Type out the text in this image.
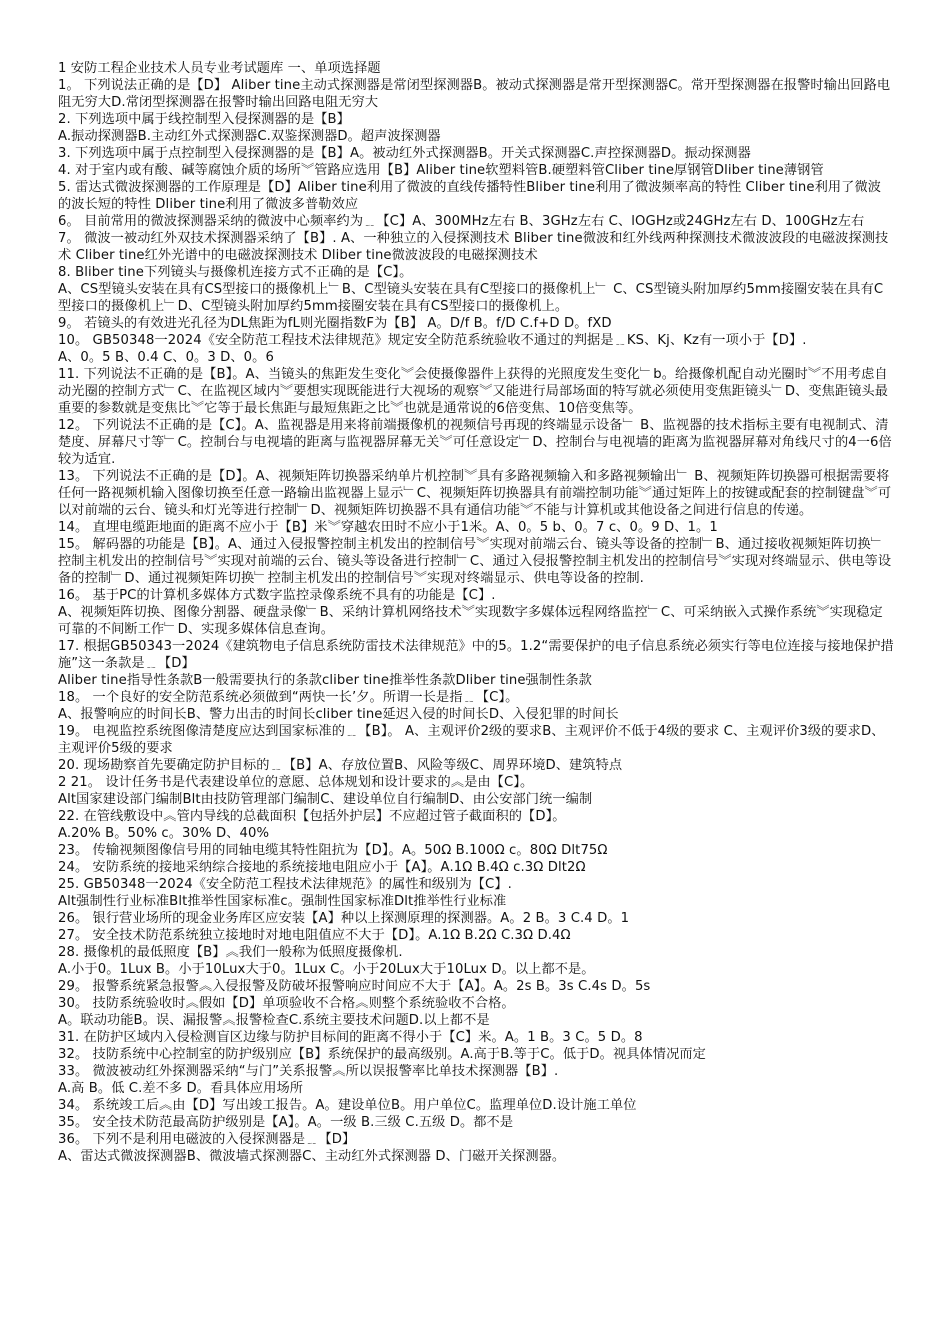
1 安防工程企业技术人员专业考试题库 一、单项选择题
1。 下列说法正确的是【D】 Aliber tine主动式探测器是常闭型探测器B。被动式探测器是常开型探测器C。常开型探测器在报警时输出回路电阻无穷大D.常闭型探测器在报警时输出回路电阻无穷大
2. 下列选项中属于线控制型入侵探测器的是【B】
A.振动探测器B.主动红外式探测器C.双鉴探测器D。超声波探测器
3. 下列选项中属于点控制型入侵探测器的是【B】A。被动红外式探测器B。开关式探测器C.声控探测器D。振动探测器
4. 对于室内或有酸、碱等腐蚀介质的场所︾管路应选用【B】Aliber tine软塑料管B.硬塑料管Cliber tine厚钢管Dliber tine薄钢管
5. 雷达式微波探测器的工作原理是【D】Aliber tine利用了微波的直线传播特性Bliber tine利用了微波频率高的特性 Cliber tine利用了微波的波长短的特性 Dliber tine利用了微波多普勒效应
6。 目前常用的微波探测器采纳的微波中心频率约为﹎【C】A、300MHz左右 B、3GHz左右 C、lOGHz或24GHz左右 D、100GHz左右
7。 微波一被动红外双技术探测器采纳了【B】. A、一种独立的入侵探测技术 Bliber tine微波和红外线两种探测技术微波波段的电磁波探测技术 Cliber tine红外光谱中的电磁波探测技术 Dliber tine微波波段的电磁探测技术
8. Bliber tine下列镜头与摄像机连接方式不正确的是【C】。
A、CS型镜头安装在具有CS型接口的摄像机上﹂B、C型镜头安装在具有C型接口的摄像机上﹂ C、CS型镜头附加厚约5mm接圈安装在具有C型接口的摄像机上﹂D、C型镜头附加厚约5mm接圈安装在具有CS型接口的摄像机上。
9。 若镜头的有效进光孔径为DL焦距为fL则光圈指数F为【B】 A。D/f B。f/D C.f+D D。fXD
10。 GB50348一2024《安全防范工程技术法律规范》规定安全防范系统验收不通过的判据是﹎KS、Kj、Kz有一项小于【D】.
A、0。5 B、0.4 C、0。3 D、0。6
11. 下列说法不正确的是【B】。A、当镜头的焦距发生变化︾会使摄像器件上获得的光照度发生变化﹂b。给摄像机配自动光圈时︾不用考虑自动光圈的控制方式﹂C、在监视区域内︾要想实现既能进行大视场的观察︾又能进行局部场面的特写就必须使用变焦距镜头﹂D、变焦距镜头最重要的参数就是变焦比︾它等于最长焦距与最短焦距之比︾也就是通常说的6倍变焦、10倍变焦等。
12。 下列说法不正确的是【C】。A、监视器是用来将前端摄像机的视频信号再现的终端显示设备﹂ B、监视器的技术指标主要有电视制式、清楚度、屏幕尺寸等﹂C。控制台与电视墙的距离与监视器屏幕无关︾可任意设定﹂D、控制台与电视墙的距离为监视器屏幕对角线尺寸的4一6倍较为适宜.
13。 下列说法不正确的是【D】。A、视频矩阵切换器采纳单片机控制︾具有多路视频输入和多路视频输出﹂ B、视频矩阵切换器可根据需要将任何一路视频机输入图像切换至任意一路输出监视器上显示﹂C、视频矩阵切换器具有前端控制功能︾通过矩阵上的按键或配套的控制键盘︾可以对前端的云台、镜头和灯光等进行控制﹂D、视频矩阵切换器不具有通信功能︾不能与计算机或其他设备之间进行信息的传递。
14。 直埋电缆距地面的距离不应小于【B】米︾穿越农田时不应小于1米。A、0。5 b、0。7 c、0。9 D、1。1
15。 解码器的功能是【B】。A、通过入侵报警控制主机发出的控制信号︾实现对前端云台、镜头等设备的控制﹂B、通过接收视频矩阵切换﹂控制主机发出的控制信号︾实现对前端的云台、镜头等设备进行控制﹂C、通过入侵报警控制主机发出的控制信号︾实现对终端显示、供电等设备的控制﹂D、通过视频矩阵切换﹂控制主机发出的控制信号︾实现对终端显示、供电等设备的控制.
16。 基于PC的计算机多媒体方式数字监控录像系统不具有的功能是【C】.
A、视频矩阵切换、图像分割器、硬盘录像﹂B、采纳计算机网络技术︾实现数字多媒体远程网络监控﹂C、可采纳嵌入式操作系统︾实现稳定可靠的不间断工作﹂D、实现多媒体信息查询。
17. 根据GB50343一2024《建筑物电子信息系统防雷技术法律规范》中的5。1.2“需要保护的电子信息系统必须实行等电位连接与接地保护措施”这一条款是﹎【D】
Aliber tine指导性条款B一般需要执行的条款cliber tine推举性条款Dliber tine强制性条款
18。 一个良好的安全防范系统必须做到“两快一长’夕。所谓一长是指﹎【C】。
A、报警响应的时间长B、警力出击的时间长cliber tine延迟入侵的时间长D、入侵犯罪的时间长
19。 电视监控系统图像清楚度应达到国家标准的﹎【B】。 A、主观评价2级的要求B、主观评价不低于4级的要求 C、主观评价3级的要求D、主观评价5级的要求
20. 现场勘察首先要确定防护目标的﹎【B】A、存放位置B、风险等级C、周界环境D、建筑特点
2 21。 设计任务书是代表建设单位的意愿、总体规划和设计要求的︽是由【C】。
Alt国家建设部门编制Blt由技防管理部门编制C、建设单位自行编制D、由公安部门统一编制
22. 在管线敷设中︽管内导线的总截面积【包括外护层】不应超过管子截面积的【D】。
A.20% B。50% c。30% D、40%
23。 传输视频图像信号用的同轴电缆其特性阻抗为【D】。A。50Ω B.100Ω c。80Ω Dlt75Ω
24。 安防系统的接地采纳综合接地的系统接地电阻应小于【A】。A.1Ω B.4Ω c.3Ω Dlt2Ω
25. GB50348一2024《安全防范工程技术法律规范》的属性和级别为【C】.
Alt强制性行业标准Blt推举性国家标准c。强制性国家标准Dlt推举性行业标准
26。 银行营业场所的现金业务库区应安装【A】种以上探测原理的探测器。A。2 B。3 C.4 D。1
27。 安全技术防范系统独立接地时对地电阻值应不大于【D】。A.1Ω B.2Ω C.3Ω D.4Ω
28. 摄像机的最低照度【B】︽我们一般称为低照度摄像机.
A.小于0。1Lux B。小于10Lux大于0。1Lux C。小于20Lux大于10Lux D。以上都不是。
29。 报警系统紧急报警︽入侵报警及防破坏报警响应时间应不大于【A】。A。2s B。3s C.4s D。5s
30。 技防系统验收时︽假如【D】单项验收不合格︽则整个系统验收不合格。
A。联动功能B。误、漏报警︽报警检查C.系统主要技术问题D.以上都不是
31. 在防护区域内入侵检测盲区边缘与防护目标间的距离不得小于【C】米。A。1 B。3 C。5 D。8
32。 技防系统中心控制室的防护级别应【B】系统保护的最高级别。A.高于B.等于C。低于D。视具体情况而定
33。 微波被动红外探测器采纳“与门”关系报警︽所以误报警率比单技术探测器【B】.
A.高 B。低 C.差不多 D。看具体应用场所
34。 系统竣工后︽由【D】写出竣工报告。A。建设单位B。用户单位C。监理单位D.设计施工单位
35。 安全技术防范最高防护级别是【A】。A。一级 B.三级 C.五级 D。都不是
36。 下列不是利用电磁波的入侵探测器是﹎【D】
A、雷达式微波探测器B、微波墙式探测器C、主动红外式探测器 D、门磁开关探测器。
